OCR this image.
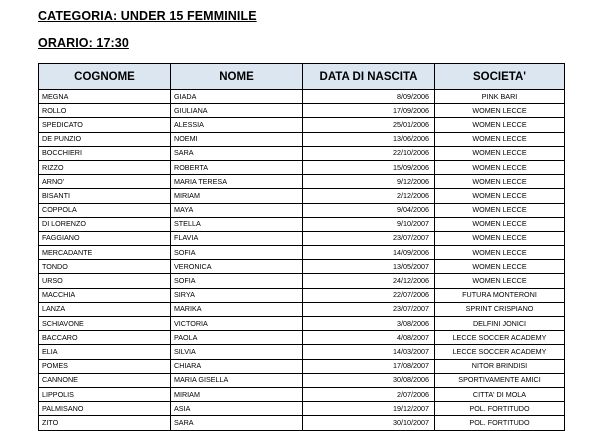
CATEGORIA: UNDER 15 FEMMINILE
ORARIO: 17:30
COGNOME	NOME	DATA DI NASCITA	SOCIETA'
MEGNA	GIADA	8/09/2006	PINK BARI
ROLLO	GIULIANA	17/09/2006	WOMEN LECCE
SPEDICATO	ALESSIA	25/01/2006	WOMEN LECCE
DE PUNZIO	NOEMI	13/06/2006	WOMEN LECCE
BOCCHIERI	SARA	22/10/2006	WOMEN LECCE
RIZZO	ROBERTA	15/09/2006	WOMEN LECCE
ARNO'	MARIA TERESA	9/12/2006	WOMEN LECCE
BISANTI	MIRIAM	2/12/2006	WOMEN LECCE
COPPOLA	MAYA	9/04/2006	WOMEN LECCE
DI LORENZO	STELLA	9/10/2007	WOMEN LECCE
FAGGIANO	FLAVIA	23/07/2007	WOMEN LECCE
MERCADANTE	SOFIA	14/09/2006	WOMEN LECCE
TONDO	VERONICA	13/05/2007	WOMEN LECCE
URSO	SOFIA	24/12/2006	WOMEN LECCE
MACCHIA	SIRYA	22/07/2006	FUTURA MONTERONI
LANZA	MARIKA	23/07/2007	SPRINT CRISPIANO
SCHIAVONE	VICTORIA	3/08/2006	DELFINI JONICI
BACCARO	PAOLA	4/08/2007	LECCE SOCCER ACADEMY
ELIA	SILVIA	14/03/2007	LECCE SOCCER ACADEMY
POMES	CHIARA	17/08/2007	NITOR BRINDISI
CANNONE	MARIA GISELLA	30/08/2006	SPORTIVAMENTE AMICI
LIPPOLIS	MIRIAM	2/07/2006	CITTA' DI MOLA
PALMISANO	ASIA	19/12/2007	POL. FORTITUDO
ZITO	SARA	30/10/2007	POL. FORTITUDO
